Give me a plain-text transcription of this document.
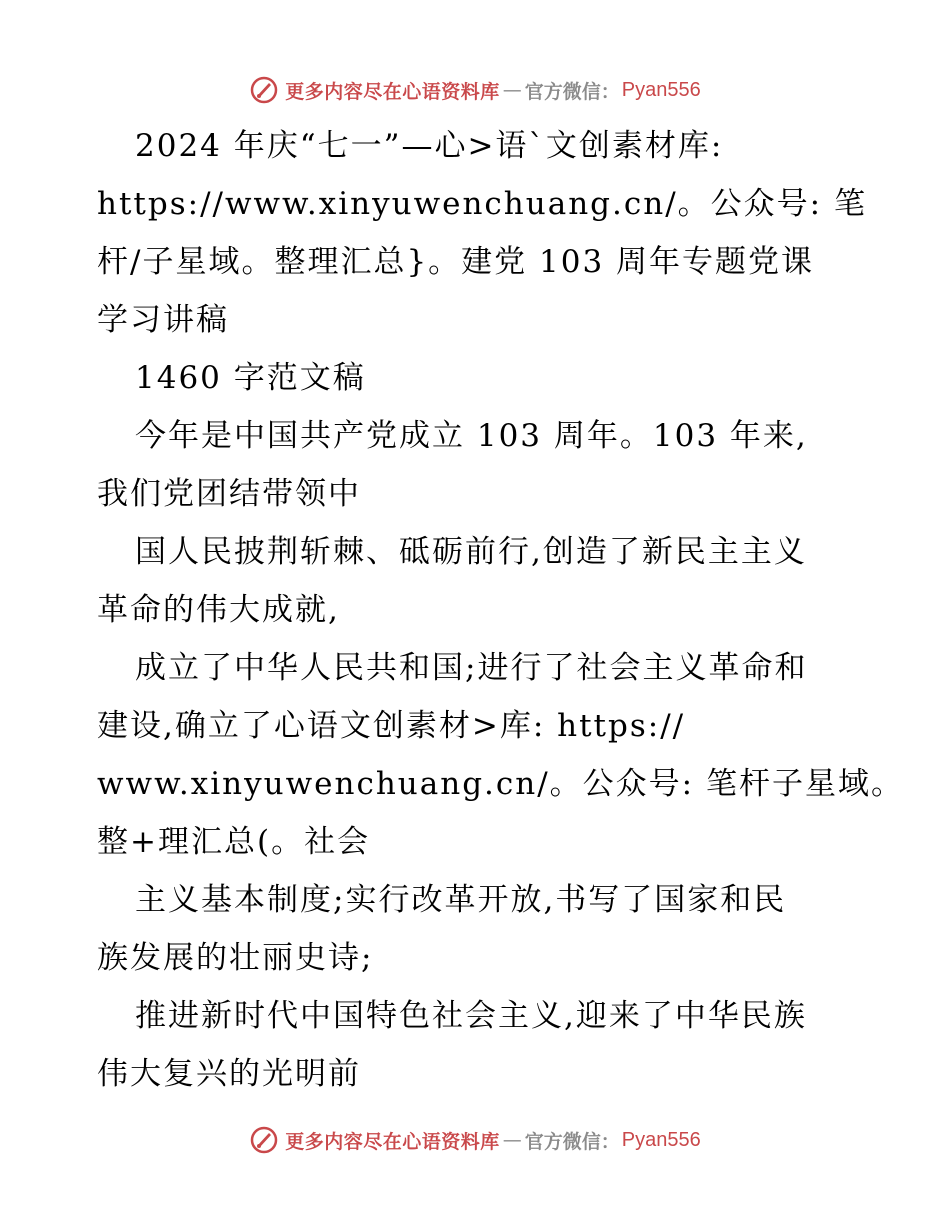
更多内容尽在心语资料库 — 官方微信： Pyan556
2024 年庆“七一”—心>语`文创素材库:
https://www.xinyuwenchuang.cn/。公众号: 笔
杆/子星域。整理汇总}。建党 103 周年专题党课
学习讲稿
1460 字范文稿
今年是中国共产党成立 103 周年。103 年来,
我们党团结带领中
国人民披荆斩棘、砥砺前行,创造了新民主主义
革命的伟大成就,
成立了中华人民共和国;进行了社会主义革命和
建设,确立了心语文创素材>库: https://
www.xinyuwenchuang.cn/。公众号: 笔杆子星域。
整+理汇总(。社会
主义基本制度;实行改革开放,书写了国家和民
族发展的壮丽史诗;
推进新时代中国特色社会主义,迎来了中华民族
伟大复兴的光明前
更多内容尽在心语资料库 — 官方微信： Pyan556
